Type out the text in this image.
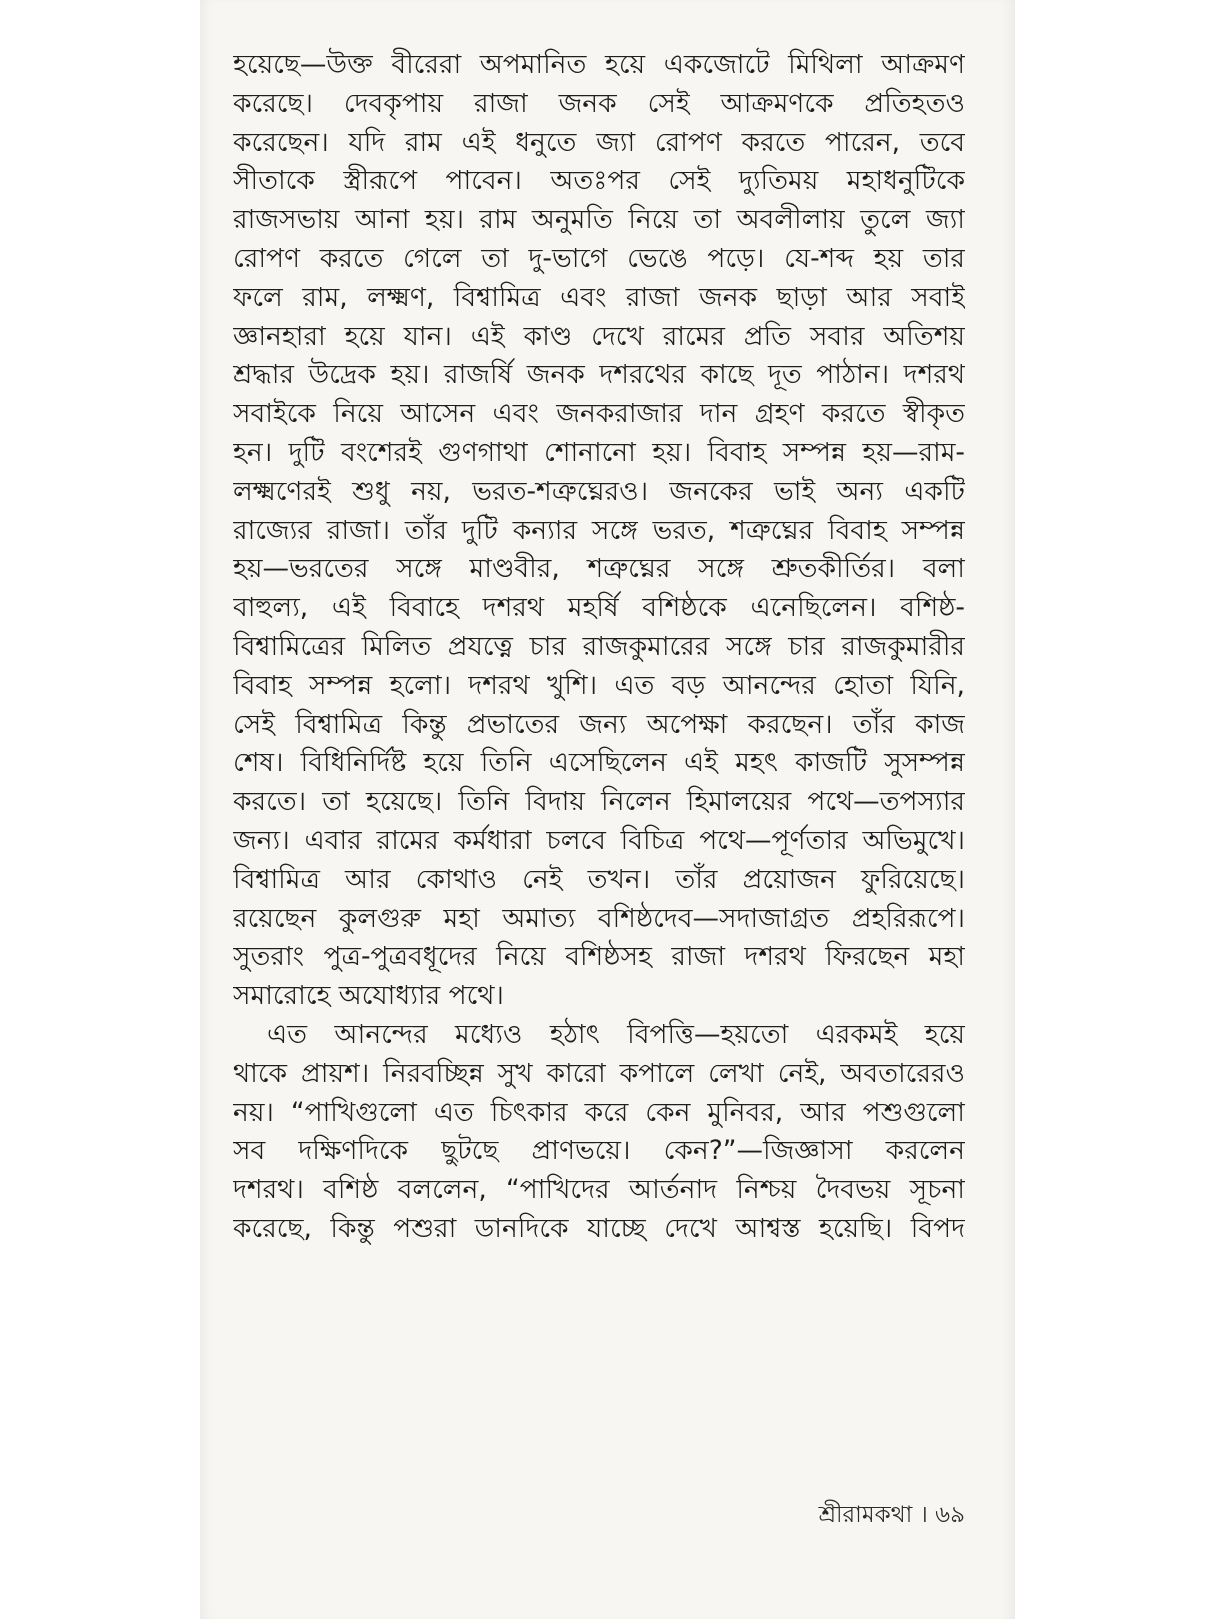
হয়েছে—উক্ত বীরেরা অপমানিত হয়ে একজোটে মিথিলা আক্রমণ
করেছে। দেবকৃপায় রাজা জনক সেই আক্রমণকে প্রতিহতও
করেছেন। যদি রাম এই ধনুতে জ্যা রোপণ করতে পারেন, তবে
সীতাকে স্ত্রীরূপে পাবেন। অতঃপর সেই দ্যুতিময় মহাধনুটিকে
রাজসভায় আনা হয়। রাম অনুমতি নিয়ে তা অবলীলায় তুলে জ্যা
রোপণ করতে গেলে তা দু-ভাগে ভেঙে পড়ে। যে-শব্দ হয় তার
ফলে রাম, লক্ষ্মণ, বিশ্বামিত্র এবং রাজা জনক ছাড়া আর সবাই
জ্ঞানহারা হয়ে যান। এই কাণ্ড দেখে রামের প্রতি সবার অতিশয়
শ্রদ্ধার উদ্রেক হয়। রাজর্ষি জনক দশরথের কাছে দূত পাঠান। দশরথ
সবাইকে নিয়ে আসেন এবং জনকরাজার দান গ্রহণ করতে স্বীকৃত
হন। দুটি বংশেরই গুণগাথা শোনানো হয়। বিবাহ সম্পন্ন হয়—রাম-
লক্ষ্মণেরই শুধু নয়, ভরত-শত্রুঘ্নেরও। জনকের ভাই অন্য একটি
রাজ্যের রাজা। তাঁর দুটি কন্যার সঙ্গে ভরত, শত্রুঘ্নের বিবাহ সম্পন্ন
হয়—ভরতের সঙ্গে মাণ্ডবীর, শত্রুঘ্নের সঙ্গে শ্রুতকীর্তির। বলা
বাহুল্য, এই বিবাহে দশরথ মহর্ষি বশিষ্ঠকে এনেছিলেন। বশিষ্ঠ-
বিশ্বামিত্রের মিলিত প্রযত্নে চার রাজকুমারের সঙ্গে চার রাজকুমারীর
বিবাহ সম্পন্ন হলো। দশরথ খুশি। এত বড় আনন্দের হোতা যিনি,
সেই বিশ্বামিত্র কিন্তু প্রভাতের জন্য অপেক্ষা করছেন। তাঁর কাজ
শেষ। বিধিনির্দিষ্ট হয়ে তিনি এসেছিলেন এই মহৎ কাজটি সুসম্পন্ন
করতে। তা হয়েছে। তিনি বিদায় নিলেন হিমালয়ের পথে—তপস্যার
জন্য। এবার রামের কর্মধারা চলবে বিচিত্র পথে—পূর্ণতার অভিমুখে।
বিশ্বামিত্র আর কোথাও নেই তখন। তাঁর প্রয়োজন ফুরিয়েছে।
রয়েছেন কুলগুরু মহা অমাত্য বশিষ্ঠদেব—সদাজাগ্রত প্রহরিরূপে।
সুতরাং পুত্র-পুত্রবধূদের নিয়ে বশিষ্ঠসহ রাজা দশরথ ফিরছেন মহা
সমারোহে অযোধ্যার পথে।
এত আনন্দের মধ্যেও হঠাৎ বিপত্তি—হয়তো এরকমই হয়ে
থাকে প্রায়শ। নিরবচ্ছিন্ন সুখ কারো কপালে লেখা নেই, অবতারেরও
নয়। “পাখিগুলো এত চিৎকার করে কেন মুনিবর, আর পশুগুলো
সব দক্ষিণদিকে ছুটছে প্রাণভয়ে। কেন?”—জিজ্ঞাসা করলেন
দশরথ। বশিষ্ঠ বললেন, “পাখিদের আর্তনাদ নিশ্চয় দৈবভয় সূচনা
করেছে, কিন্তু পশুরা ডানদিকে যাচ্ছে দেখে আশ্বস্ত হয়েছি। বিপদ
শ্রীরামকথা । ৬৯
